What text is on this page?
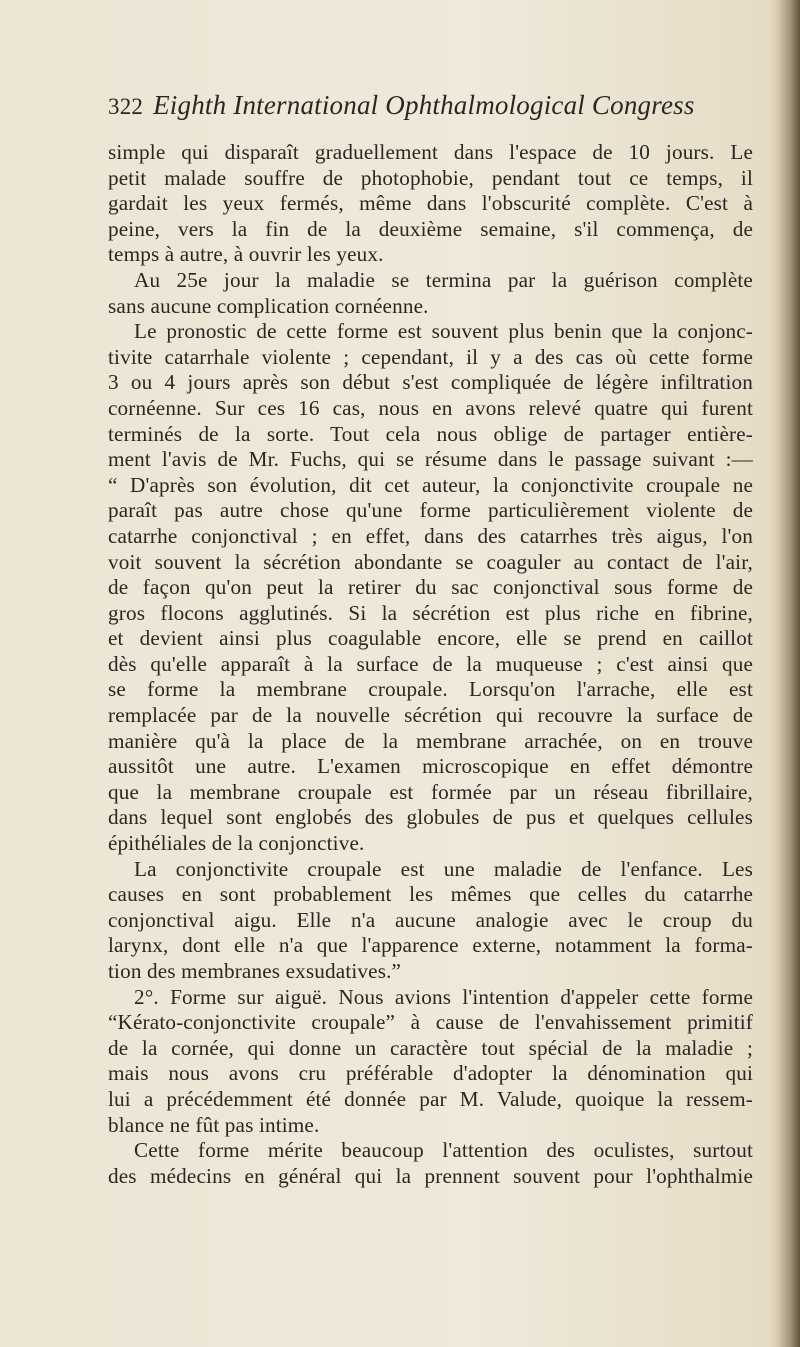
322 Eighth International Ophthalmological Congress
simple qui disparaît graduellement dans l'espace de 10 jours. Le
petit malade souffre de photophobie, pendant tout ce temps, il
gardait les yeux fermés, même dans l'obscurité complète. C'est à
peine, vers la fin de la deuxième semaine, s'il commença, de
temps à autre, à ouvrir les yeux.
Au 25e jour la maladie se termina par la guérison complète
sans aucune complication cornéenne.
Le pronostic de cette forme est souvent plus benin que la conjonc-
tivite catarrhale violente ; cependant, il y a des cas où cette forme
3 ou 4 jours après son début s'est compliquée de légère infiltration
cornéenne. Sur ces 16 cas, nous en avons relevé quatre qui furent
terminés de la sorte. Tout cela nous oblige de partager entière-
ment l'avis de Mr. Fuchs, qui se résume dans le passage suivant :—
“ D'après son évolution, dit cet auteur, la conjonctivite croupale ne
paraît pas autre chose qu'une forme particulièrement violente de
catarrhe conjonctival ; en effet, dans des catarrhes très aigus, l'on
voit souvent la sécrétion abondante se coaguler au contact de l'air,
de façon qu'on peut la retirer du sac conjonctival sous forme de
gros flocons agglutinés. Si la sécrétion est plus riche en fibrine,
et devient ainsi plus coagulable encore, elle se prend en caillot
dès qu'elle apparaît à la surface de la muqueuse ; c'est ainsi que
se forme la membrane croupale. Lorsqu'on l'arrache, elle est
remplacée par de la nouvelle sécrétion qui recouvre la surface de
manière qu'à la place de la membrane arrachée, on en trouve
aussitôt une autre. L'examen microscopique en effet démontre
que la membrane croupale est formée par un réseau fibrillaire,
dans lequel sont englobés des globules de pus et quelques cellules
épithéliales de la conjonctive.
La conjonctivite croupale est une maladie de l'enfance. Les
causes en sont probablement les mêmes que celles du catarrhe
conjonctival aigu. Elle n'a aucune analogie avec le croup du
larynx, dont elle n'a que l'apparence externe, notamment la forma-
tion des membranes exsudatives.”
2°. Forme sur aiguë. Nous avions l'intention d'appeler cette forme
“Kérato-conjonctivite croupale” à cause de l'envahissement primitif
de la cornée, qui donne un caractère tout spécial de la maladie ;
mais nous avons cru préférable d'adopter la dénomination qui
lui a précédemment été donnée par M. Valude, quoique la ressem-
blance ne fût pas intime.
Cette forme mérite beaucoup l'attention des oculistes, surtout
des médecins en général qui la prennent souvent pour l'ophthalmie
